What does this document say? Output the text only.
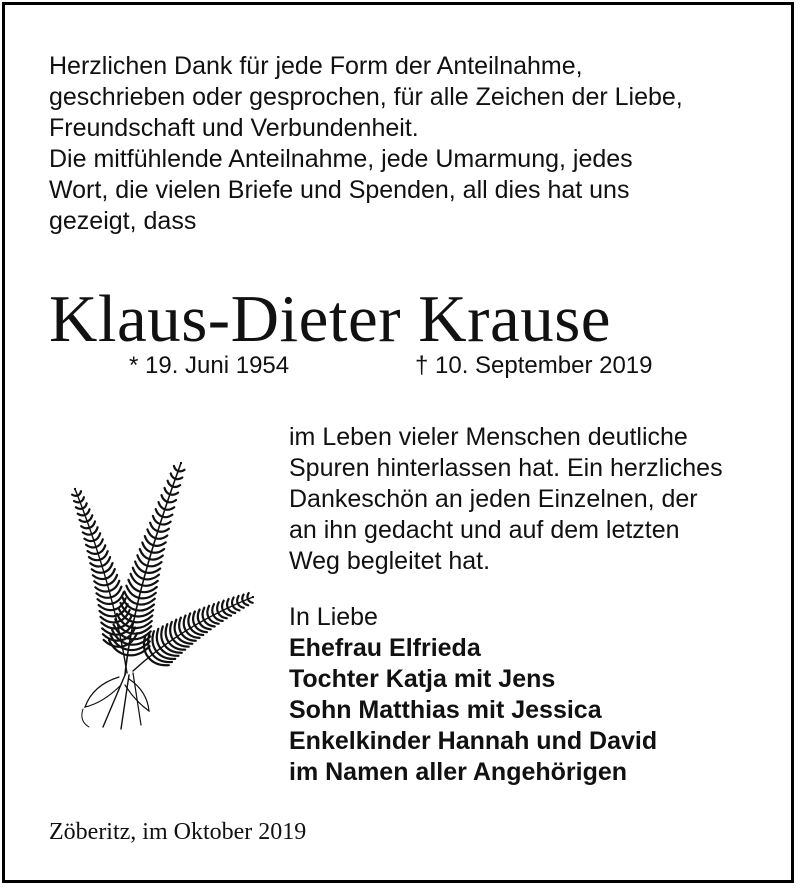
Herzlichen Dank für jede Form der Anteilnahme,
geschrieben oder gesprochen, für alle Zeichen der Liebe,
Freundschaft und Verbundenheit.
Die mitfühlende Anteilnahme, jede Umarmung, jedes
Wort, die vielen Briefe und Spenden, all dies hat uns
gezeigt, dass
Klaus-Dieter Krause
* 19. Juni 1954	† 10. September 2019
im Leben vieler Menschen deutliche
Spuren hinterlassen hat. Ein herzliches
Dankeschön an jeden Einzelnen, der
an ihn gedacht und auf dem letzten
Weg begleitet hat.
In Liebe
Ehefrau Elfrieda
Tochter Katja mit Jens
Sohn Matthias mit Jessica
Enkelkinder Hannah und David
im Namen aller Angehörigen
Zöberitz, im Oktober 2019
